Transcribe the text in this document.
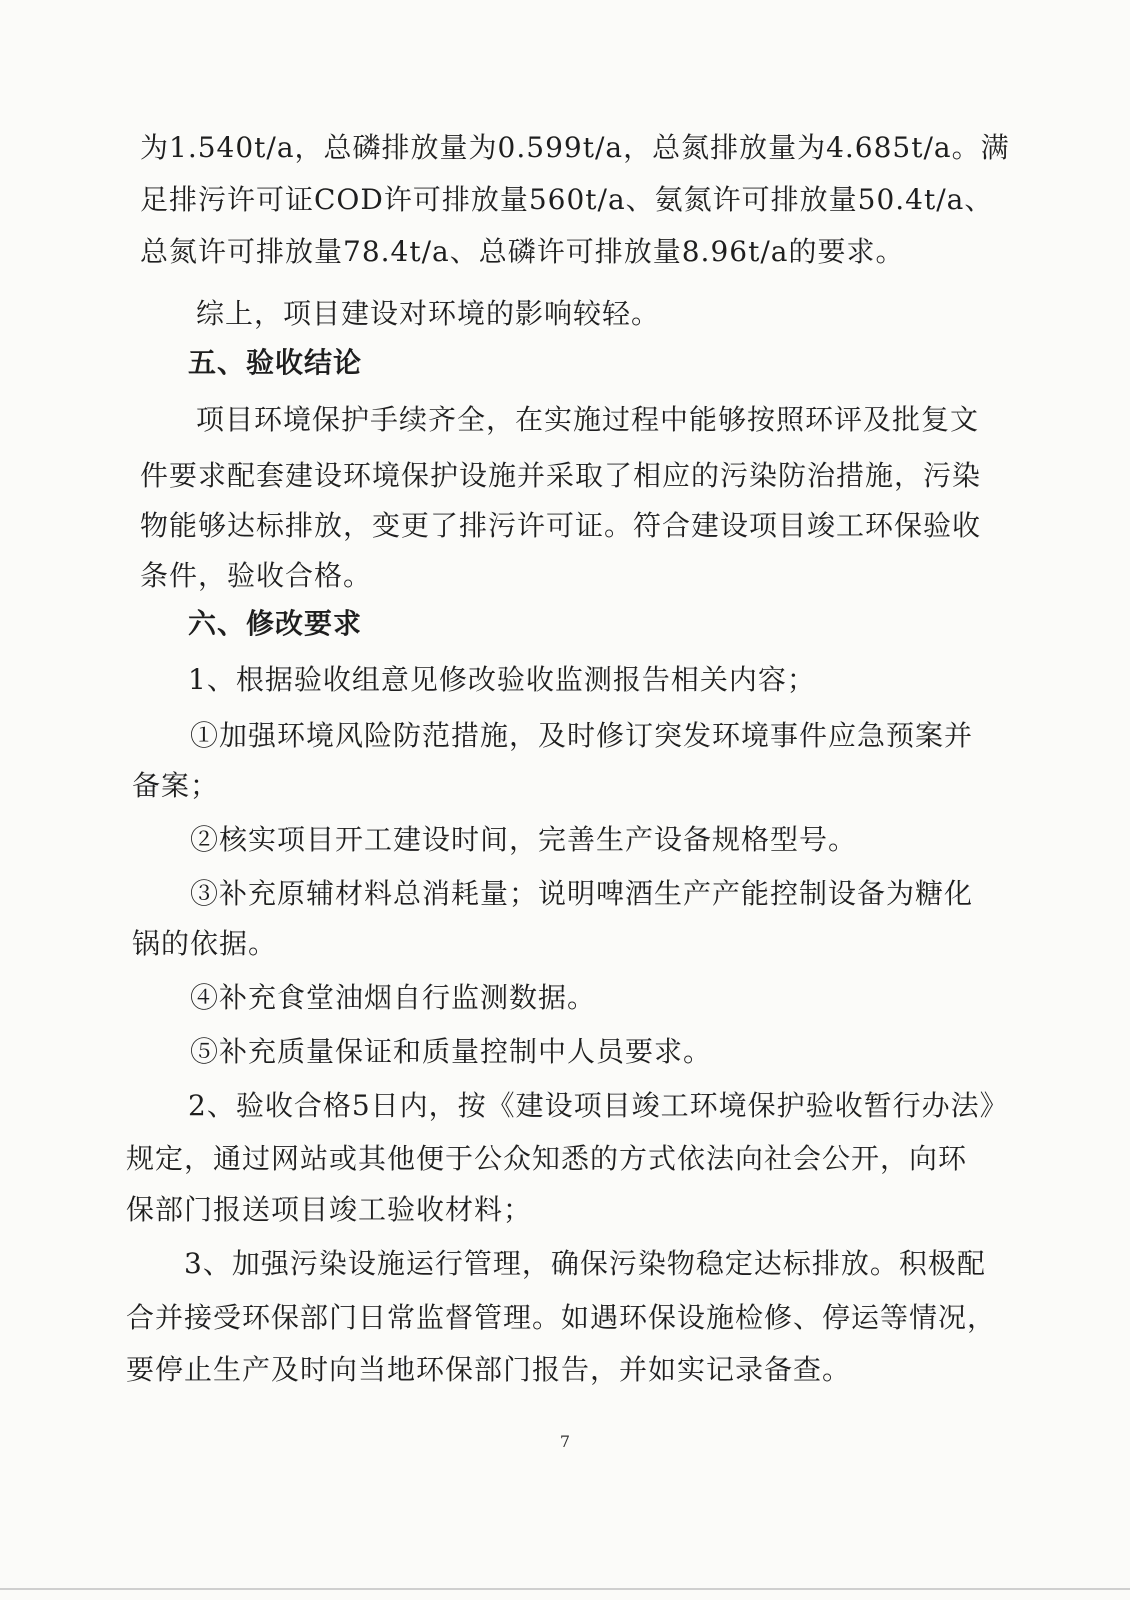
为1.540t/a，总磷排放量为0.599t/a，总氮排放量为4.685t/a。满
足排污许可证COD许可排放量560t/a、氨氮许可排放量50.4t/a、
总氮许可排放量78.4t/a、总磷许可排放量8.96t/a的要求。
综上，项目建设对环境的影响较轻。
五、验收结论
项目环境保护手续齐全，在实施过程中能够按照环评及批复文
件要求配套建设环境保护设施并采取了相应的污染防治措施，污染
物能够达标排放，变更了排污许可证。符合建设项目竣工环保验收
条件，验收合格。
六、修改要求
1、根据验收组意见修改验收监测报告相关内容；
①加强环境风险防范措施，及时修订突发环境事件应急预案并
备案；
②核实项目开工建设时间，完善生产设备规格型号。
③补充原辅材料总消耗量；说明啤酒生产产能控制设备为糖化
锅的依据。
④补充食堂油烟自行监测数据。
⑤补充质量保证和质量控制中人员要求。
2、验收合格5日内，按《建设项目竣工环境保护验收暂行办法》
规定，通过网站或其他便于公众知悉的方式依法向社会公开，向环
保部门报送项目竣工验收材料；
3、加强污染设施运行管理，确保污染物稳定达标排放。积极配
合并接受环保部门日常监督管理。如遇环保设施检修、停运等情况，
要停止生产及时向当地环保部门报告，并如实记录备查。
7
